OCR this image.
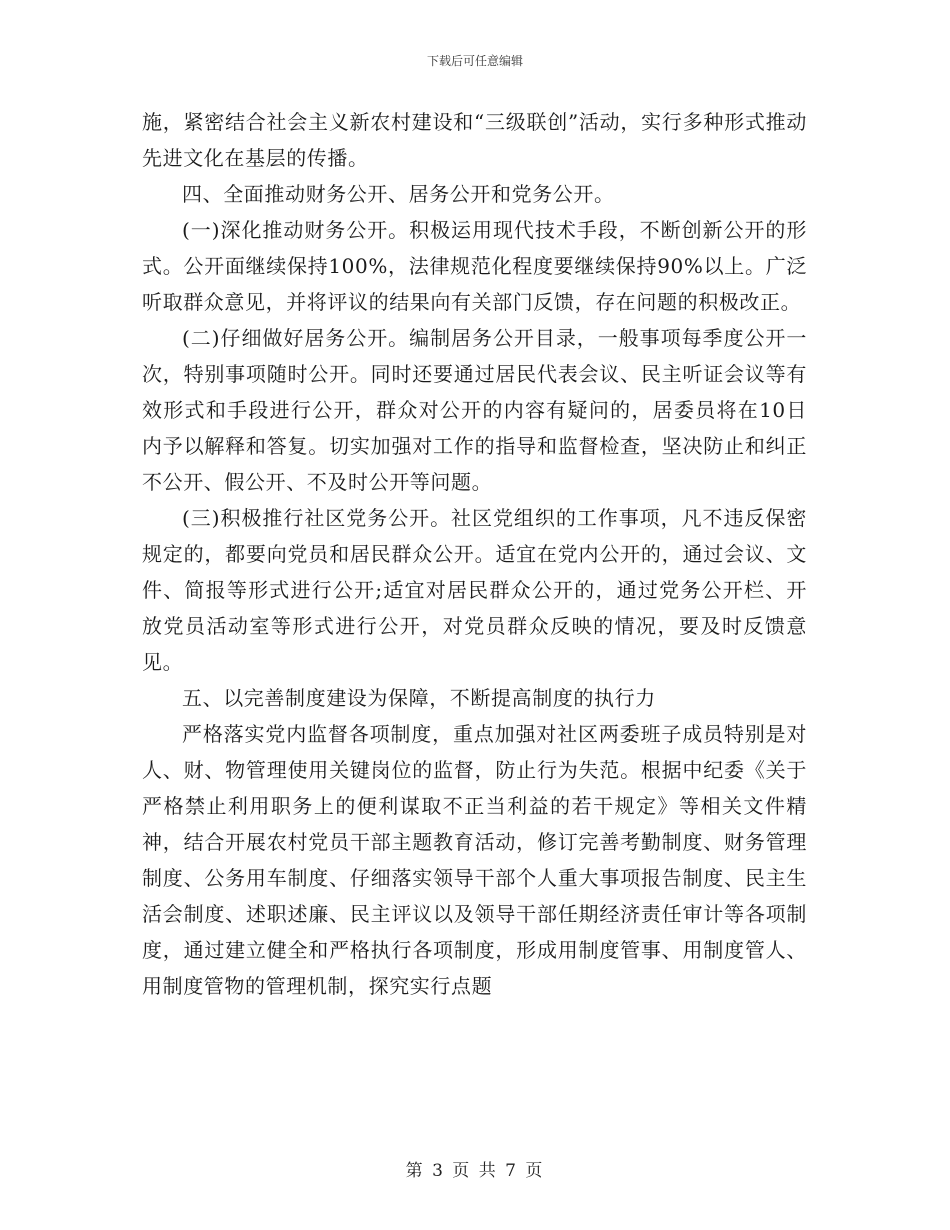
下载后可任意编辑

施，紧密结合社会主义新农村建设和“三级联创”活动，实行多种形式推动先进文化在基层的传播。

四、全面推动财务公开、居务公开和党务公开。

(一)深化推动财务公开。积极运用现代技术手段，不断创新公开的形式。公开面继续保持100%，法律规范化程度要继续保持90%以上。广泛听取群众意见，并将评议的结果向有关部门反馈，存在问题的积极改正。

(二)仔细做好居务公开。编制居务公开目录，一般事项每季度公开一次，特别事项随时公开。同时还要通过居民代表会议、民主听证会议等有效形式和手段进行公开，群众对公开的内容有疑问的，居委员将在10日内予以解释和答复。切实加强对工作的指导和监督检查，坚决防止和纠正不公开、假公开、不及时公开等问题。

(三)积极推行社区党务公开。社区党组织的工作事项，凡不违反保密规定的，都要向党员和居民群众公开。适宜在党内公开的，通过会议、文件、简报等形式进行公开;适宜对居民群众公开的，通过党务公开栏、开放党员活动室等形式进行公开，对党员群众反映的情况，要及时反馈意见。

五、以完善制度建设为保障，不断提高制度的执行力

严格落实党内监督各项制度，重点加强对社区两委班子成员特别是对人、财、物管理使用关键岗位的监督，防止行为失范。根据中纪委《关于严格禁止利用职务上的便利谋取不正当利益的若干规定》等相关文件精神，结合开展农村党员干部主题教育活动，修订完善考勤制度、财务管理制度、公务用车制度、仔细落实领导干部个人重大事项报告制度、民主生活会制度、述职述廉、民主评议以及领导干部任期经济责任审计等各项制度，通过建立健全和严格执行各项制度，形成用制度管事、用制度管人、用制度管物的管理机制，探究实行点题

第 3 页 共 7 页
